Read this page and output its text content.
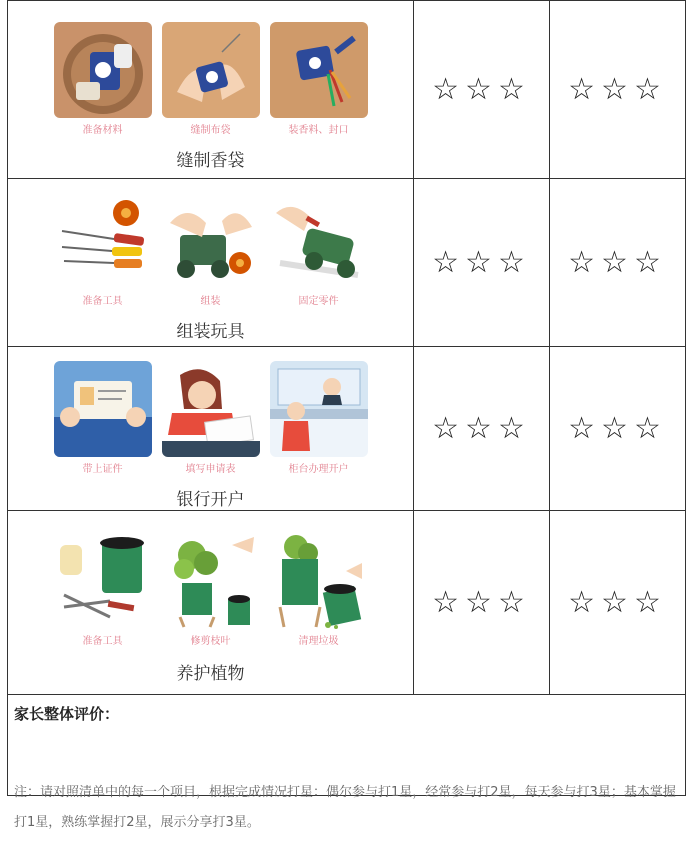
准备材料 缝制布袋 装香料、封口
缝制香袋	☆☆☆	☆☆☆

准备工具 组装 固定零件
组装玩具	☆☆☆	☆☆☆

带上证件 填写申请表 柜台办理开户
银行开户	☆☆☆	☆☆☆

准备工具 修剪枝叶 清理垃圾
养护植物	☆☆☆	☆☆☆

家长整体评价：		
注：请对照清单中的每一个项目，根据完成情况打星：偶尔参与打1星，经常参与打2星，每天参与打3星；基本掌握打1星，熟练掌握打2星，展示分享打3星。
